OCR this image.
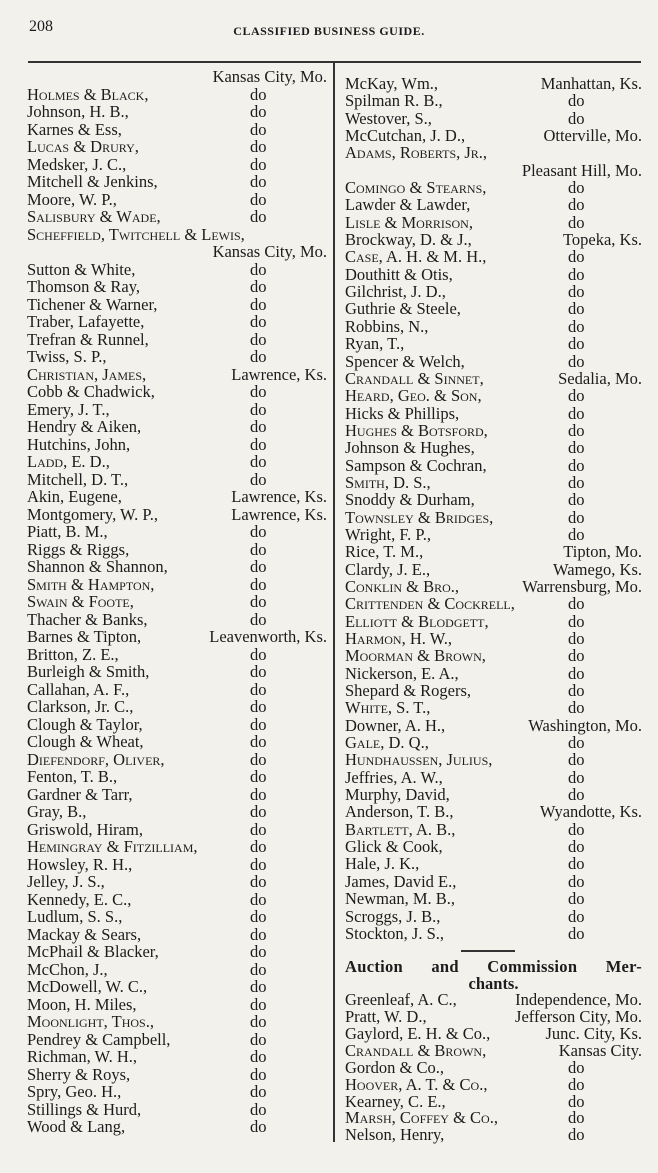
208	CLASSIFIED BUSINESS GUIDE.
Kansas City, Mo.
Holmes & Black,	do
Johnson, H. B.,	do
Karnes & Ess,	do
Lucas & Drury,	do
Medsker, J. C.,	do
Mitchell & Jenkins,	do
Moore, W. P.,	do
Salisbury & Wade,	do
Scheffield, Twitchell & Lewis,
Kansas City, Mo.
Sutton & White,	do
Thomson & Ray,	do
Tichener & Warner,	do
Traber, Lafayette,	do
Trefran & Runnel,	do
Twiss, S. P.,	do
Christian, James,	Lawrence, Ks.
Cobb & Chadwick,	do
Emery, J. T.,	do
Hendry & Aiken,	do
Hutchins, John,	do
Ladd, E. D.,	do
Mitchell, D. T.,	do
Akin, Eugene,	Lawrence, Ks.
Montgomery, W. P.,	Lawrence, Ks.
Piatt, B. M.,	do
Riggs & Riggs,	do
Shannon & Shannon,	do
Smith & Hampton,	do
Swain & Foote,	do
Thacher & Banks,	do
Barnes & Tipton,	Leavenworth, Ks.
Britton, Z. E.,	do
Burleigh & Smith,	do
Callahan, A. F.,	do
Clarkson, Jr. C.,	do
Clough & Taylor,	do
Clough & Wheat,	do
Diefendorf, Oliver,	do
Fenton, T. B.,	do
Gardner & Tarr,	do
Gray, B.,	do
Griswold, Hiram,	do
Hemingray & Fitzilliam,	do
Howsley, R. H.,	do
Jelley, J. S.,	do
Kennedy, E. C.,	do
Ludlum, S. S.,	do
Mackay & Sears,	do
McPhail & Blacker,	do
McChon, J.,	do
McDowell, W. C.,	do
Moon, H. Miles,	do
Moonlight, Thos.,	do
Pendrey & Campbell,	do
Richman, W. H.,	do
Sherry & Roys,	do
Spry, Geo. H.,	do
Stillings & Hurd,	do
Wood & Lang,	do
McKay, Wm.,	Manhattan, Ks.
Spilman R. B.,	do
Westover, S.,	do
McCutchan, J. D.,	Otterville, Mo.
Adams, Roberts, Jr.,
Pleasant Hill, Mo.
Comingo & Stearns,	do
Lawder & Lawder,	do
Lisle & Morrison,	do
Brockway, D. & J.,	Topeka, Ks.
Case, A. H. & M. H.,	do
Douthitt & Otis,	do
Gilchrist, J. D.,	do
Guthrie & Steele,	do
Robbins, N.,	do
Ryan, T.,	do
Spencer & Welch,	do
Crandall & Sinnet,	Sedalia, Mo.
Heard, Geo. & Son,	do
Hicks & Phillips,	do
Hughes & Botsford,	do
Johnson & Hughes,	do
Sampson & Cochran,	do
Smith, D. S.,	do
Snoddy & Durham,	do
Townsley & Bridges,	do
Wright, F. P.,	do
Rice, T. M.,	Tipton, Mo.
Clardy, J. E.,	Wamego, Ks.
Conklin & Bro.,	Warrensburg, Mo.
Crittenden & Cockrell,	do
Elliott & Blodgett,	do
Harmon, H. W.,	do
Moorman & Brown,	do
Nickerson, E. A.,	do
Shepard & Rogers,	do
White, S. T.,	do
Downer, A. H.,	Washington, Mo.
Gale, D. Q.,	do
Hundhaussen, Julius,	do
Jeffries, A. W.,	do
Murphy, David,	do
Anderson, T. B.,	Wyandotte, Ks.
Bartlett, A. B.,	do
Glick & Cook,	do
Hale, J. K.,	do
James, David E.,	do
Newman, M. B.,	do
Scroggs, J. B.,	do
Stockton, J. S.,	do
Auction and Commission Mer-
chants.
Greenleaf, A. C.,	Independence, Mo.
Pratt, W. D.,	Jefferson City, Mo.
Gaylord, E. H. & Co.,	Junc. City, Ks.
Crandall & Brown,	Kansas City.
Gordon & Co.,	do
Hoover, A. T. & Co.,	do
Kearney, C. E.,	do
Marsh, Coffey & Co.,	do
Nelson, Henry,	do
